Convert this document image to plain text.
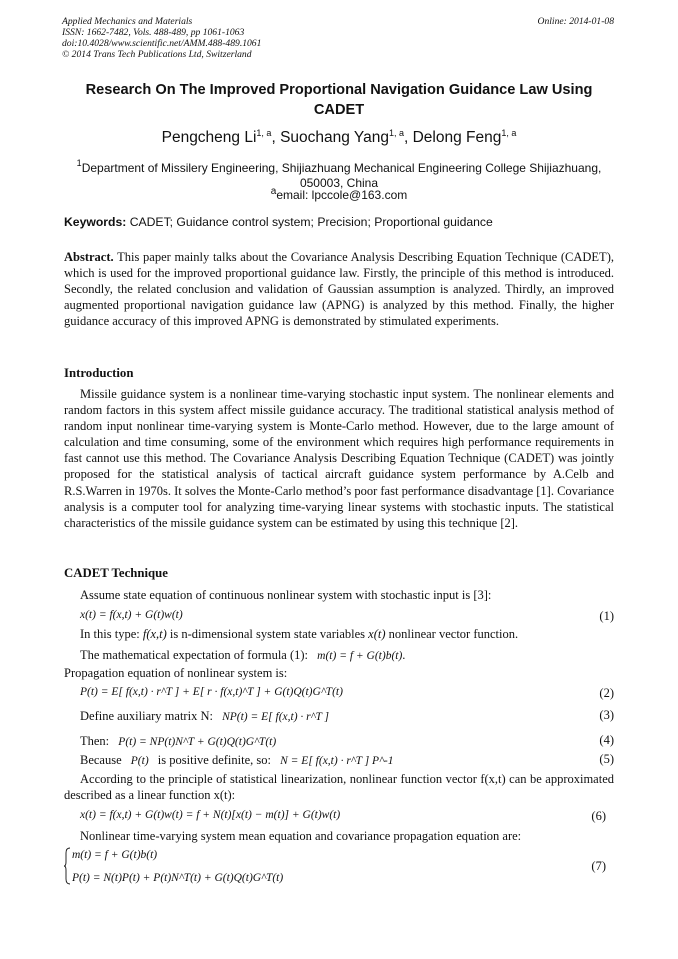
Applied Mechanics and Materials
ISSN: 1662-7482, Vols. 488-489, pp 1061-1063
doi:10.4028/www.scientific.net/AMM.488-489.1061
© 2014 Trans Tech Publications Ltd, Switzerland
Online: 2014-01-08
Research On The Improved Proportional Navigation Guidance Law Using CADET
Pengcheng Li$^{1, a}$, Suochang Yang$^{1, a}$, Delong Feng$^{1, a}$
$^1$Department of Missilery Engineering, Shijiazhuang Mechanical Engineering College Shijiazhuang, 050003, China
$^a$email: lpccole@163.com
Keywords: CADET; Guidance control system; Precision; Proportional guidance
Abstract. This paper mainly talks about the Covariance Analysis Describing Equation Technique (CADET), which is used for the improved proportional guidance law. Firstly, the principle of this method is introduced. Secondly, the related conclusion and validation of Gaussian assumption is analyzed. Thirdly, an improved augmented proportional navigation guidance law (APNG) is analyzed by this method. Finally, the higher guidance accuracy of this improved APNG is demonstrated by stimulated experiments.
Introduction
Missile guidance system is a nonlinear time-varying stochastic input system. The nonlinear elements and random factors in this system affect missile guidance accuracy. The traditional statistical analysis method of random input nonlinear time-varying system is Monte-Carlo method. However, due to the large amount of calculation and time consuming, some of the environment which requires high performance requirements in fast cannot use this method. The Covariance Analysis Describing Equation Technique (CADET) was jointly proposed for the statistical analysis of tactical aircraft guidance system performance by A.Celb and R.S.Warren in 1970s. It solves the Monte-Carlo method’s poor fast performance disadvantage [1]. Covariance analysis is a computer tool for analyzing time-varying linear systems with stochastic inputs. The statistical characteristics of the missile guidance system can be estimated by using this technique [2].
CADET Technique
Assume state equation of continuous nonlinear system with stochastic input is [3]:
x(t) = f(x,t) + G(t)w(t)	(1)
In this type: f(x,t) is n-dimensional system state variables x(t) nonlinear vector function.
The mathematical expectation of formula (1): m(t) = f + G(t)b(t).
Propagation equation of nonlinear system is:
P(t) = E[ f(x,t) · r^T ] + E[ r · f(x,t)^T ] + G(t)Q(t)G^T(t)	(2)
Define auxiliary matrix N: NP(t) = E[ f(x,t) · r^T ]	(3)
Then: P(t) = NP(t)N^T + G(t)Q(t)G^T(t)	(4)
Because P(t) is positive definite, so: N = E[ f(x,t) · r^T ] P^-1	(5)
According to the principle of statistical linearization, nonlinear function vector f(x,t) can be approximated described as a linear function x(t):
x(t) = f(x,t) + G(t)w(t) = f + N(t)[x(t) − m(t)] + G(t)w(t)	(6)
Nonlinear time-varying system mean equation and covariance propagation equation are:
m(t) = f + G(t)b(t)
P(t) = N(t)P(t) + P(t)N^T(t) + G(t)Q(t)G^T(t)
(7)
